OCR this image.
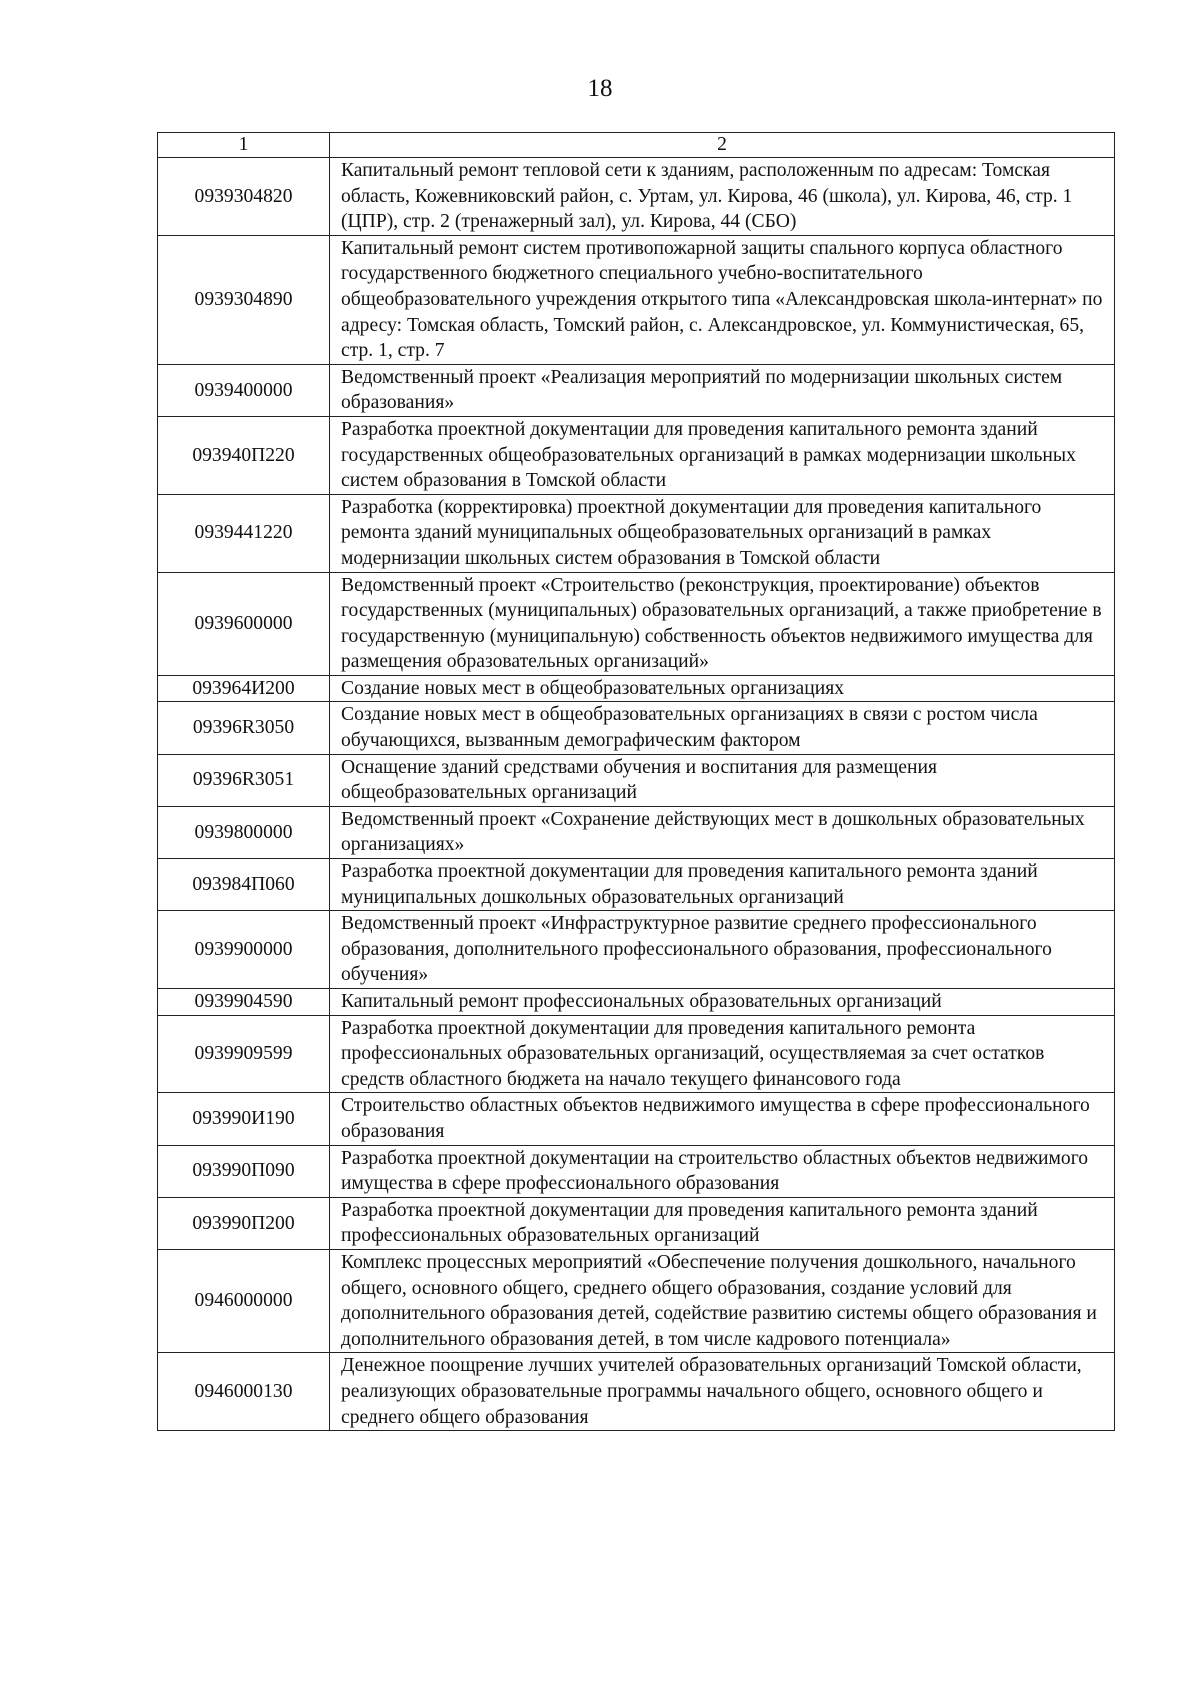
18
1	2
0939304820	Капитальный ремонт тепловой сети к зданиям, расположенным по адресам: Томская область, Кожевниковский район, с. Уртам, ул. Кирова, 46 (школа), ул. Кирова, 46, стр. 1 (ЦПР), стр. 2 (тренажерный зал), ул. Кирова, 44 (СБО)
0939304890	Капитальный ремонт систем противопожарной защиты спального корпуса областного государственного бюджетного специального учебно-воспитательного общеобразовательного учреждения открытого типа «Александровская школа-интернат» по адресу: Томская область, Томский район, с. Александровское, ул. Коммунистическая, 65, стр. 1, стр. 7
0939400000	Ведомственный проект «Реализация мероприятий по модернизации школьных систем образования»
093940П220	Разработка проектной документации для проведения капитального ремонта зданий государственных общеобразовательных организаций в рамках модернизации школьных систем образования в Томской области
0939441220	Разработка (корректировка) проектной документации для проведения капитального ремонта зданий муниципальных общеобразовательных организаций в рамках модернизации школьных систем образования в Томской области
0939600000	Ведомственный проект «Строительство (реконструкция, проектирование) объектов государственных (муниципальных) образовательных организаций, а также приобретение в государственную (муниципальную) собственность объектов недвижимого имущества для размещения образовательных организаций»
093964И200	Создание новых мест в общеобразовательных организациях
09396R3050	Создание новых мест в общеобразовательных организациях в связи с ростом числа обучающихся, вызванным демографическим фактором
09396R3051	Оснащение зданий средствами обучения и воспитания для размещения общеобразовательных организаций
0939800000	Ведомственный проект «Сохранение действующих мест в дошкольных образовательных организациях»
093984П060	Разработка проектной документации для проведения капитального ремонта зданий муниципальных дошкольных образовательных организаций
0939900000	Ведомственный проект «Инфраструктурное развитие среднего профессионального образования, дополнительного профессионального образования, профессионального обучения»
0939904590	Капитальный ремонт профессиональных образовательных организаций
0939909599	Разработка проектной документации для проведения капитального ремонта профессиональных образовательных организаций, осуществляемая за счет остатков средств областного бюджета на начало текущего финансового года
093990И190	Строительство областных объектов недвижимого имущества в сфере профессионального образования
093990П090	Разработка проектной документации на строительство областных объектов недвижимого имущества в сфере профессионального образования
093990П200	Разработка проектной документации для проведения капитального ремонта зданий профессиональных образовательных организаций
0946000000	Комплекс процессных мероприятий «Обеспечение получения дошкольного, начального общего, основного общего, среднего общего образования, создание условий для дополнительного образования детей, содействие развитию системы общего образования и дополнительного образования детей, в том числе кадрового потенциала»
0946000130	Денежное поощрение лучших учителей образовательных организаций Томской области, реализующих образовательные программы начального общего, основного общего и среднего общего образования
